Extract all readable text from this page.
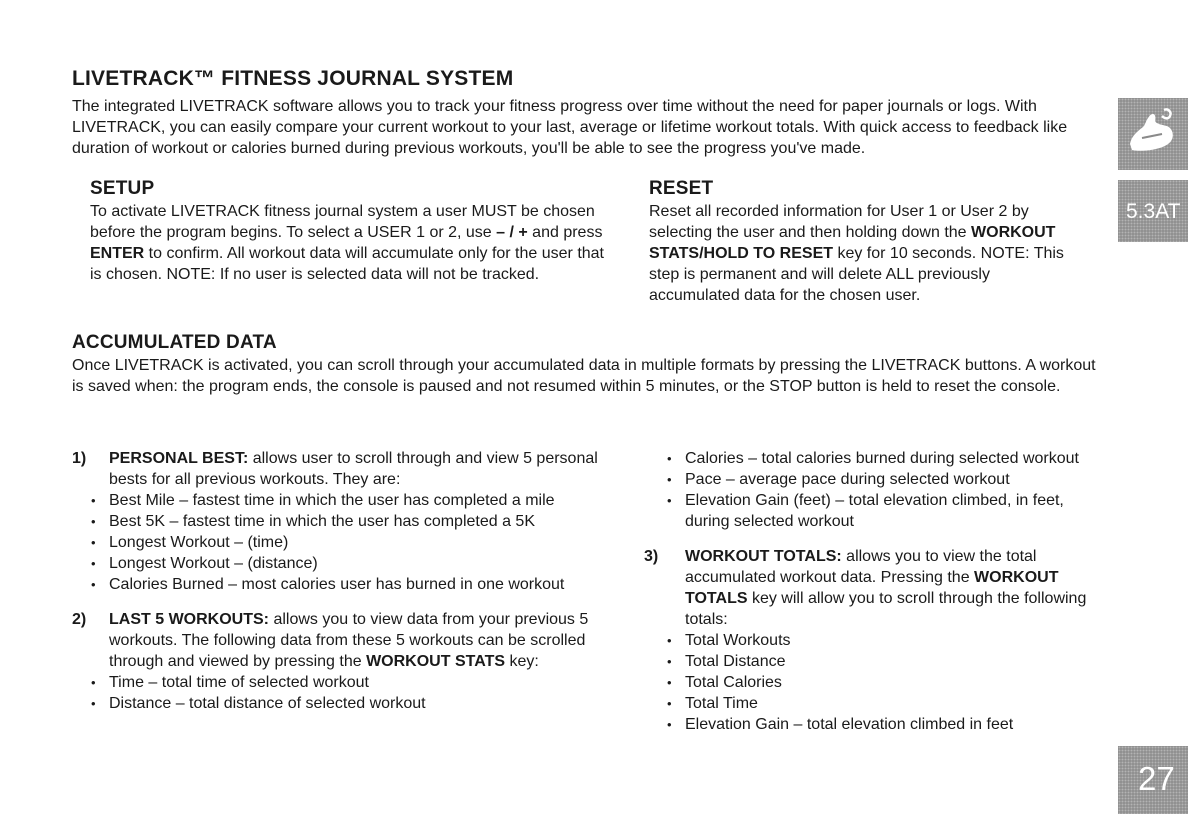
LIVETRACK™ FITNESS JOURNAL SYSTEM

The integrated LIVETRACK software allows you to track your fitness progress over time without the need for paper journals or logs. With LIVETRACK, you can easily compare your current workout to your last, average or lifetime workout totals. With quick access to feedback like duration of workout or calories burned during previous workouts, you'll be able to see the progress you've made.

SETUP

To activate LIVETRACK fitness journal system a user MUST be chosen before the program begins. To select a USER 1 or 2, use – / + and press ENTER to confirm. All workout data will accumulate only for the user that is chosen. NOTE: If no user is selected data will not be tracked.

RESET

Reset all recorded information for User 1 or User 2 by selecting the user and then holding down the WORKOUT STATS/HOLD TO RESET key for 10 seconds. NOTE: This step is permanent and will delete ALL previously accumulated data for the chosen user.

ACCUMULATED DATA

Once LIVETRACK is activated, you can scroll through your accumulated data in multiple formats by pressing the LIVETRACK buttons. A workout is saved when: the program ends, the console is paused and not resumed within 5 minutes, or the STOP button is held to reset the console.

1) PERSONAL BEST: allows user to scroll through and view 5 personal bests for all previous workouts. They are:
• Best Mile – fastest time in which the user has completed a mile
• Best 5K – fastest time in which the user has completed a 5K
• Longest Workout – (time)
• Longest Workout – (distance)
• Calories Burned – most calories user has burned in one workout
2) LAST 5 WORKOUTS: allows you to view data from your previous 5 workouts. The following data from these 5 workouts can be scrolled through and viewed by pressing the WORKOUT STATS key:
• Time – total time of selected workout
• Distance – total distance of selected workout
• Calories – total calories burned during selected workout
• Pace – average pace during selected workout
• Elevation Gain (feet) – total elevation climbed, in feet, during selected workout
3) WORKOUT TOTALS: allows you to view the total accumulated workout data. Pressing the WORKOUT TOTALS key will allow you to scroll through the following totals:
• Total Workouts
• Total Distance
• Total Calories
• Total Time
• Elevation Gain – total elevation climbed in feet
5.3AT
27
